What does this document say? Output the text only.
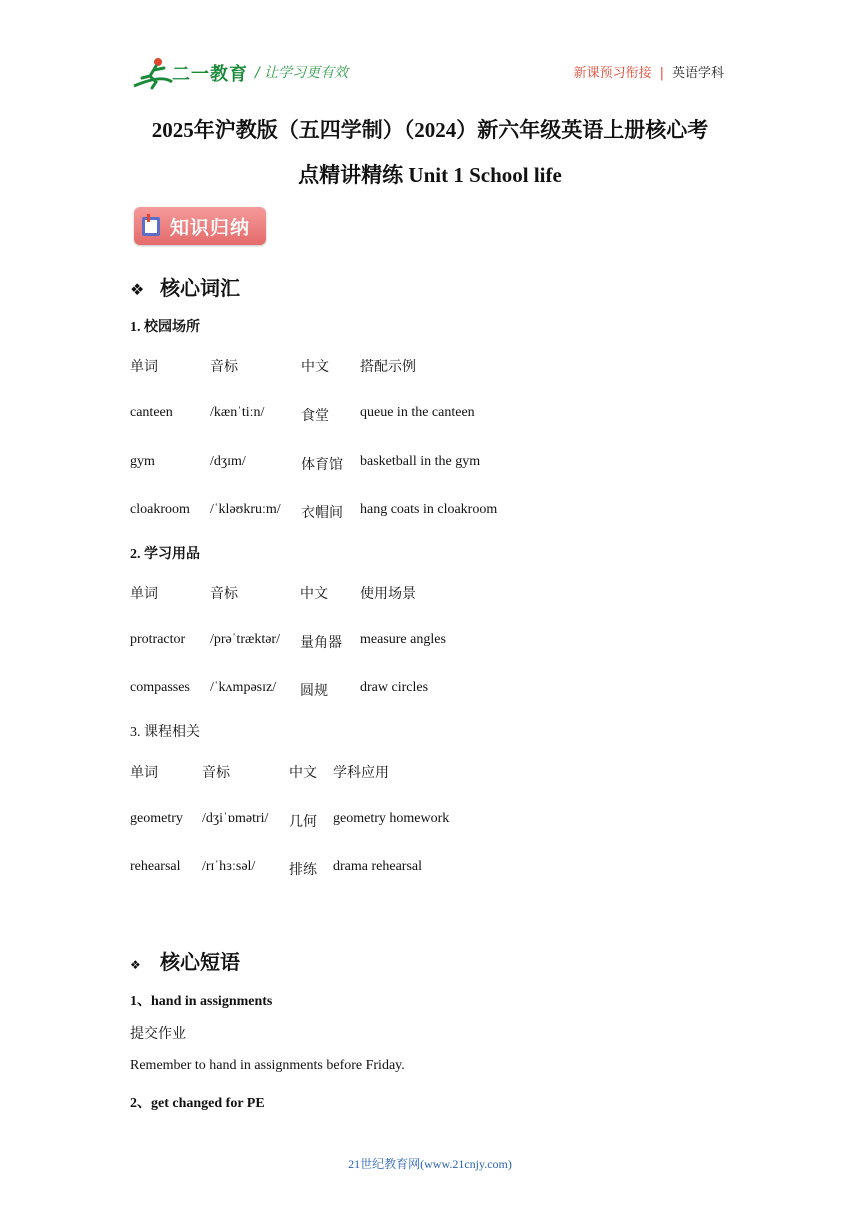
二一教育 / 让学习更有效	新课预习衔接 | 英语学科
2025年沪教版（五四学制）（2024）新六年级英语上册核心考
点精讲精练 Unit 1 School life
知识归纳
❖ 核心词汇
1. 校园场所
单词	音标	中文 搭配示例
canteen	/kænˈtiːn/	食堂 queue in the canteen
gym	/dʒɪm/	体育馆 basketball in the gym
cloakroom /ˈkləʊkruːm/ 衣帽间 hang coats in cloakroom
2. 学习用品
单词	音标	中文 使用场景
protractor /prəˈtræktər/ 量角器 measure angles
compasses /ˈkʌmpəsɪz/ 圆规 draw circles
3. 课程相关
单词	音标	中文 学科应用
geometry /dʒiˈɒmətri/ 几何 geometry homework
rehearsal /rɪˈhɜːsəl/ 排练 drama rehearsal
❖ 核心短语
1、hand in assignments
提交作业
Remember to hand in assignments before Friday.
2、get changed for PE
21世纪教育网(www.21cnjy.com)
